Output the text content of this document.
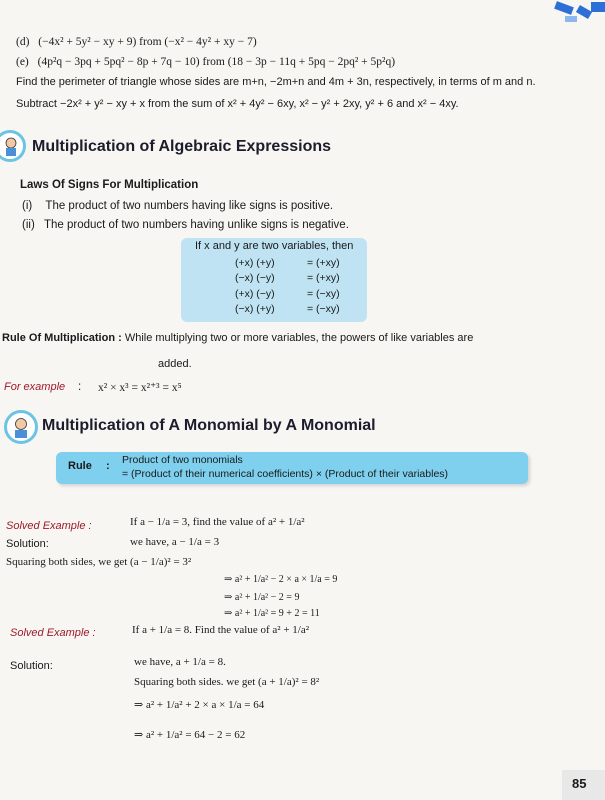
(d) (−4x² + 5y² − xy + 9) from (−x² − 4y² + xy − 7)
(e) (4p²q − 3pq + 5pq² − 8p + 7q − 10) from (18 − 3p − 11q + 5pq − 2pq² + 5p²q)
Find the perimeter of triangle whose sides are m+n, −2m+n and 4m + 3n, respectively, in terms of m and n.
Subtract −2x² + y² − xy + x from the sum of x² + 4y² − 6xy, x² − y² + 2xy, y² + 6 and x² − 4xy.
Multiplication of Algebraic Expressions
Laws Of Signs For Multiplication
(i) The product of two numbers having like signs is positive.
(ii) The product of two numbers having unlike signs is negative.
If x and y are two variables, then
(+x) (+y)	= (+xy)
(−x) (−y)	= (+xy)
(+x) (−y)	= (−xy)
(−x) (+y)	= (−xy)
Rule Of Multiplication : While multiplying two or more variables, the powers of like variables are
added.
For example : x² × x³ = x²⁺³ = x⁵
Multiplication of A Monomial by A Monomial
Rule : Product of two monomials
= (Product of their numerical coefficients) × (Product of their variables)
Solved Example :	If a − 1/a = 3, find the value of a² + 1/a²
Solution:	we have, a − 1/a = 3
Squaring both sides, we get (a − 1/a)² = 3²
⇒ a² + 1/a² − 2 × a × 1/a = 9
⇒ a² + 1/a² − 2 = 9
⇒ a² + 1/a² = 9 + 2 = 11
Solved Example :	If a + 1/a = 8. Find the value of a² + 1/a²
Solution:	we have, a + 1/a = 8.
Squaring both sides. we get (a + 1/a)² = 8²
⇒ a² + 1/a² + 2 × a × 1/a = 64
⇒ a² + 1/a² = 64 − 2 = 62
85
